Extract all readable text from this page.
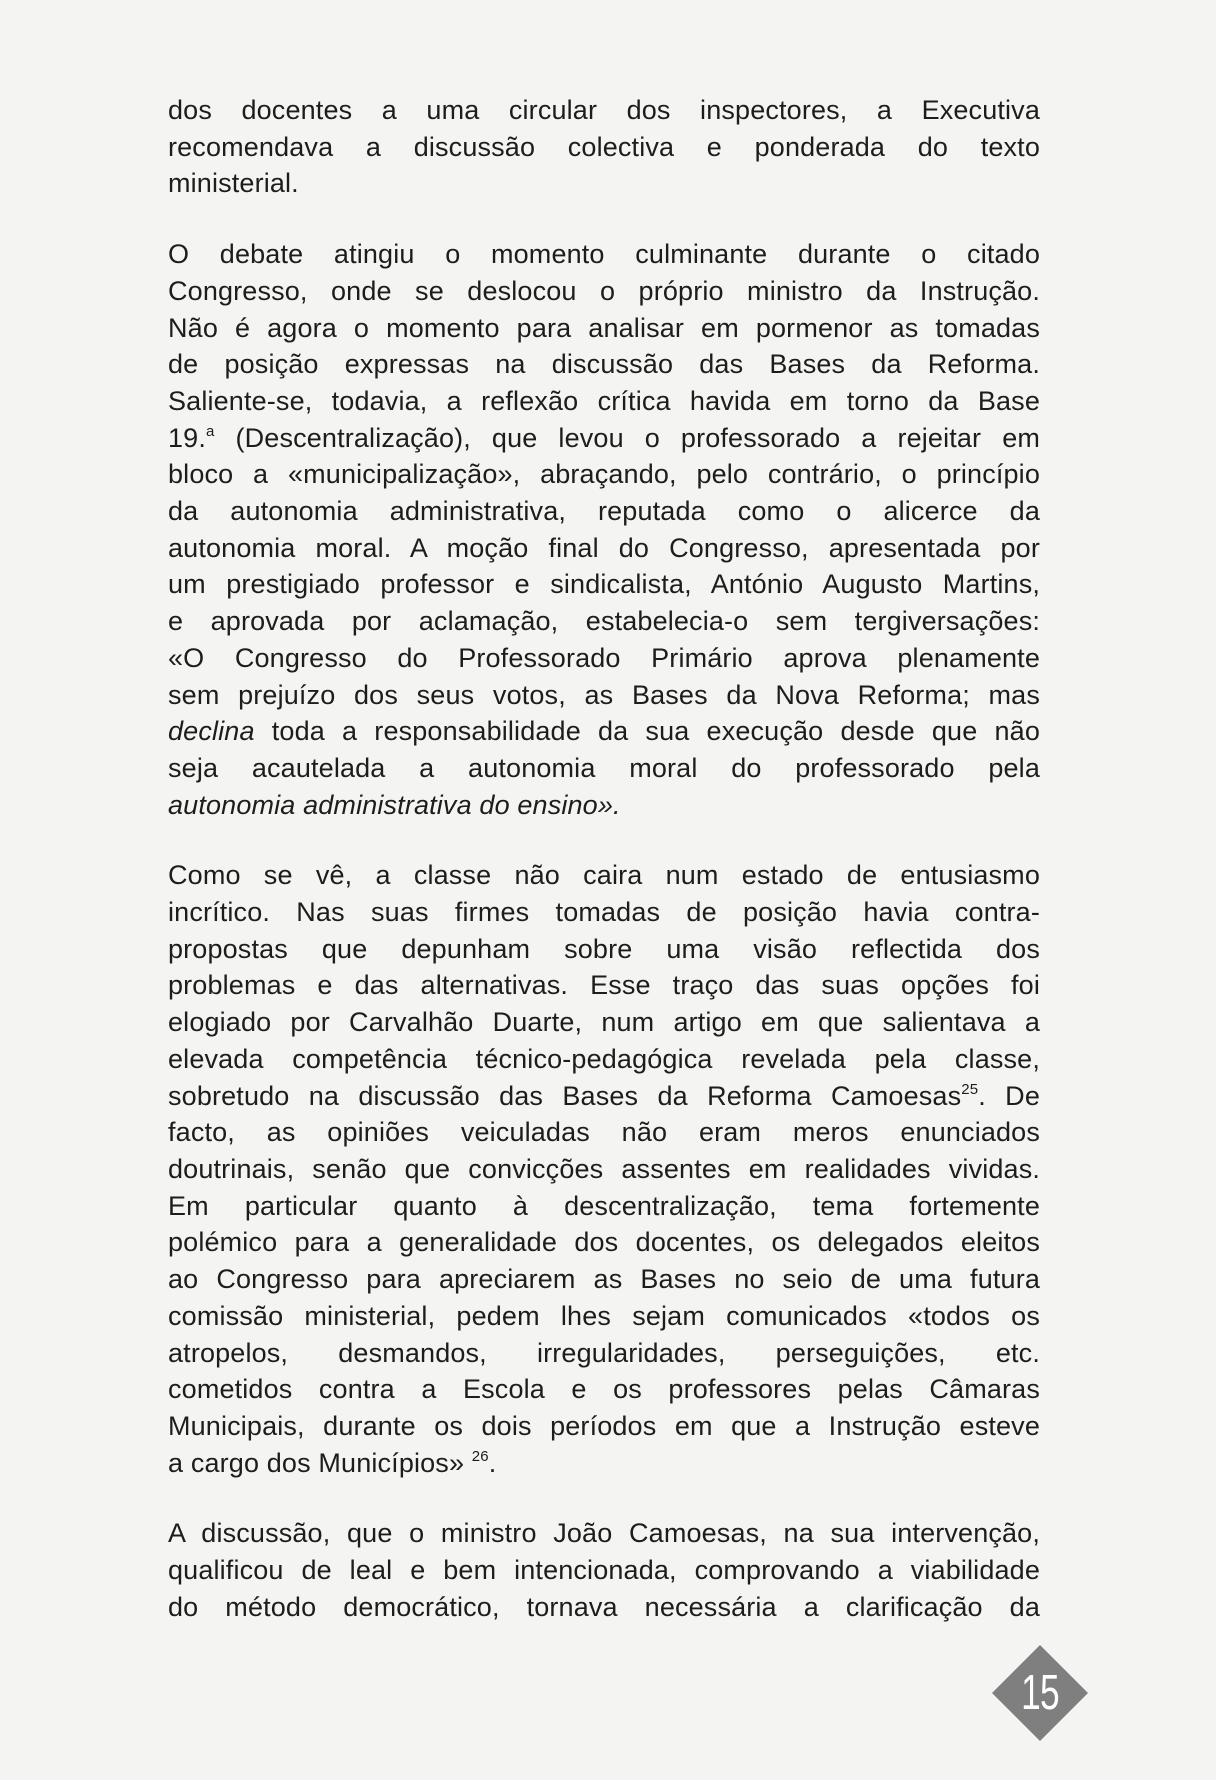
dos docentes a uma circular dos inspectores, a Executiva
recomendava a discussão colectiva e ponderada do texto
ministerial.

O debate atingiu o momento culminante durante o citado
Congresso, onde se deslocou o próprio ministro da Instrução.
Não é agora o momento para analisar em pormenor as tomadas
de posição expressas na discussão das Bases da Reforma.
Saliente-se, todavia, a reflexão crítica havida em torno da Base
19.$^a$ (Descentralização), que levou o professorado a rejeitar em
bloco a «municipalização», abraçando, pelo contrário, o princípio
da autonomia administrativa, reputada como o alicerce da
autonomia moral. A moção final do Congresso, apresentada por
um prestigiado professor e sindicalista, António Augusto Martins,
e aprovada por aclamação, estabelecia-o sem tergiversações:
«O Congresso do Professorado Primário aprova plenamente
sem prejuízo dos seus votos, as Bases da Nova Reforma; mas
declina toda a responsabilidade da sua execução desde que não
seja acautelada a autonomia moral do professorado pela
autonomia administrativa do ensino».

Como se vê, a classe não caira num estado de entusiasmo
incrítico. Nas suas firmes tomadas de posição havia contra-
propostas que depunham sobre uma visão reflectida dos
problemas e das alternativas. Esse traço das suas opções foi
elogiado por Carvalhão Duarte, num artigo em que salientava a
elevada competência técnico-pedagógica revelada pela classe,
sobretudo na discussão das Bases da Reforma Camoesas$^{25}$. De
facto, as opiniões veiculadas não eram meros enunciados
doutrinais, senão que convicções assentes em realidades vividas.
Em particular quanto à descentralização, tema fortemente
polémico para a generalidade dos docentes, os delegados eleitos
ao Congresso para apreciarem as Bases no seio de uma futura
comissão ministerial, pedem lhes sejam comunicados «todos os
atropelos, desmandos, irregularidades, perseguições, etc.
cometidos contra a Escola e os professores pelas Câmaras
Municipais, durante os dois períodos em que a Instrução esteve
a cargo dos Municípios» $^{26}$.

A discussão, que o ministro João Camoesas, na sua intervenção,
qualificou de leal e bem intencionada, comprovando a viabilidade
do método democrático, tornava necessária a clarificação da

15
